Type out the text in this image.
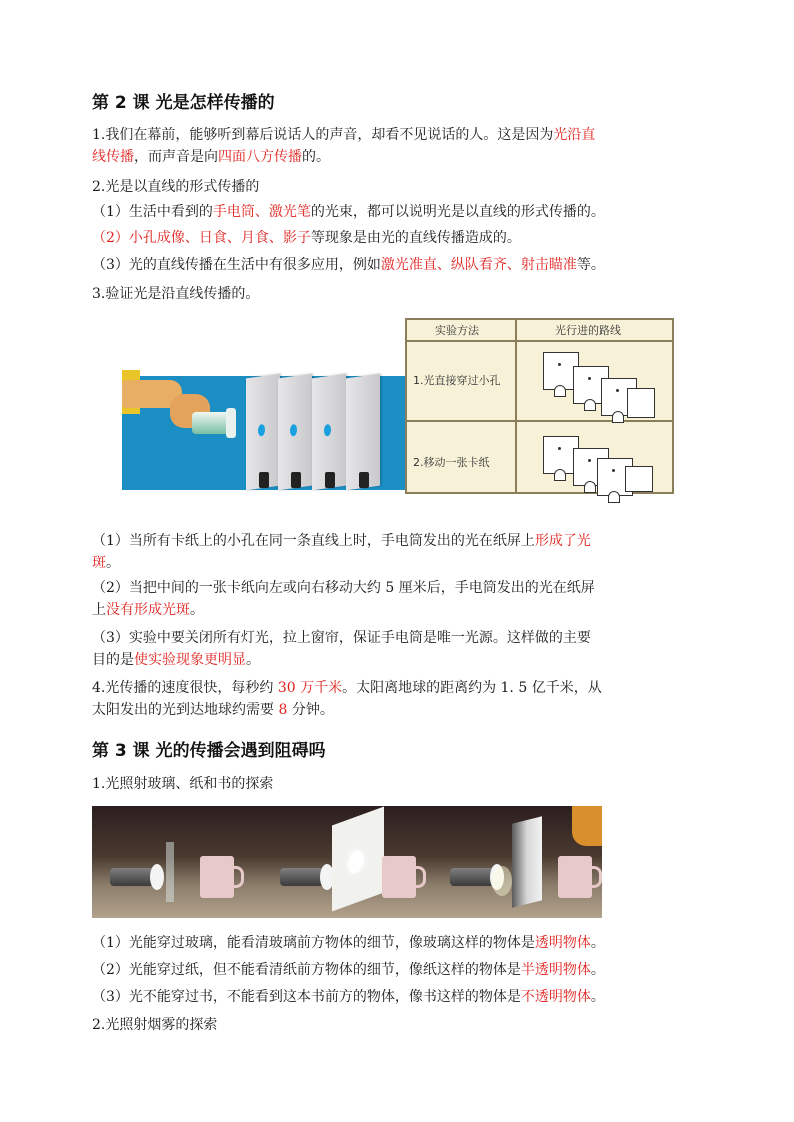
第 2 课 光是怎样传播的

1.我们在幕前，能够听到幕后说话人的声音，却看不见说话的人。这是因为光沿直
线传播，而声音是向四面八方传播的。

2.光是以直线的形式传播的

（1）生活中看到的手电筒、激光笔的光束，都可以说明光是以直线的形式传播的。

（2）小孔成像、日食、月食、影子等现象是由光的直线传播造成的。

（3）光的直线传播在生活中有很多应用，例如激光准直、纵队看齐、射击瞄准等。

3.验证光是沿直线传播的。

实验方法	光行进的路线
1.光直接穿过小孔
2.移动一张卡纸

（1）当所有卡纸上的小孔在同一条直线上时，手电筒发出的光在纸屏上形成了光
斑。

（2）当把中间的一张卡纸向左或向右移动大约 5 厘米后，手电筒发出的光在纸屏
上没有形成光斑。

（3）实验中要关闭所有灯光，拉上窗帘，保证手电筒是唯一光源。这样做的主要
目的是使实验现象更明显。

4.光传播的速度很快，每秒约 30 万千米。太阳离地球的距离约为 1. 5 亿千米，从
太阳发出的光到达地球约需要 8 分钟。

第 3 课 光的传播会遇到阻碍吗

1.光照射玻璃、纸和书的探索

（1）光能穿过玻璃，能看清玻璃前方物体的细节，像玻璃这样的物体是透明物体。

（2）光能穿过纸，但不能看清纸前方物体的细节，像纸这样的物体是半透明物体。

（3）光不能穿过书，不能看到这本书前方的物体，像书这样的物体是不透明物体。

2.光照射烟雾的探索
